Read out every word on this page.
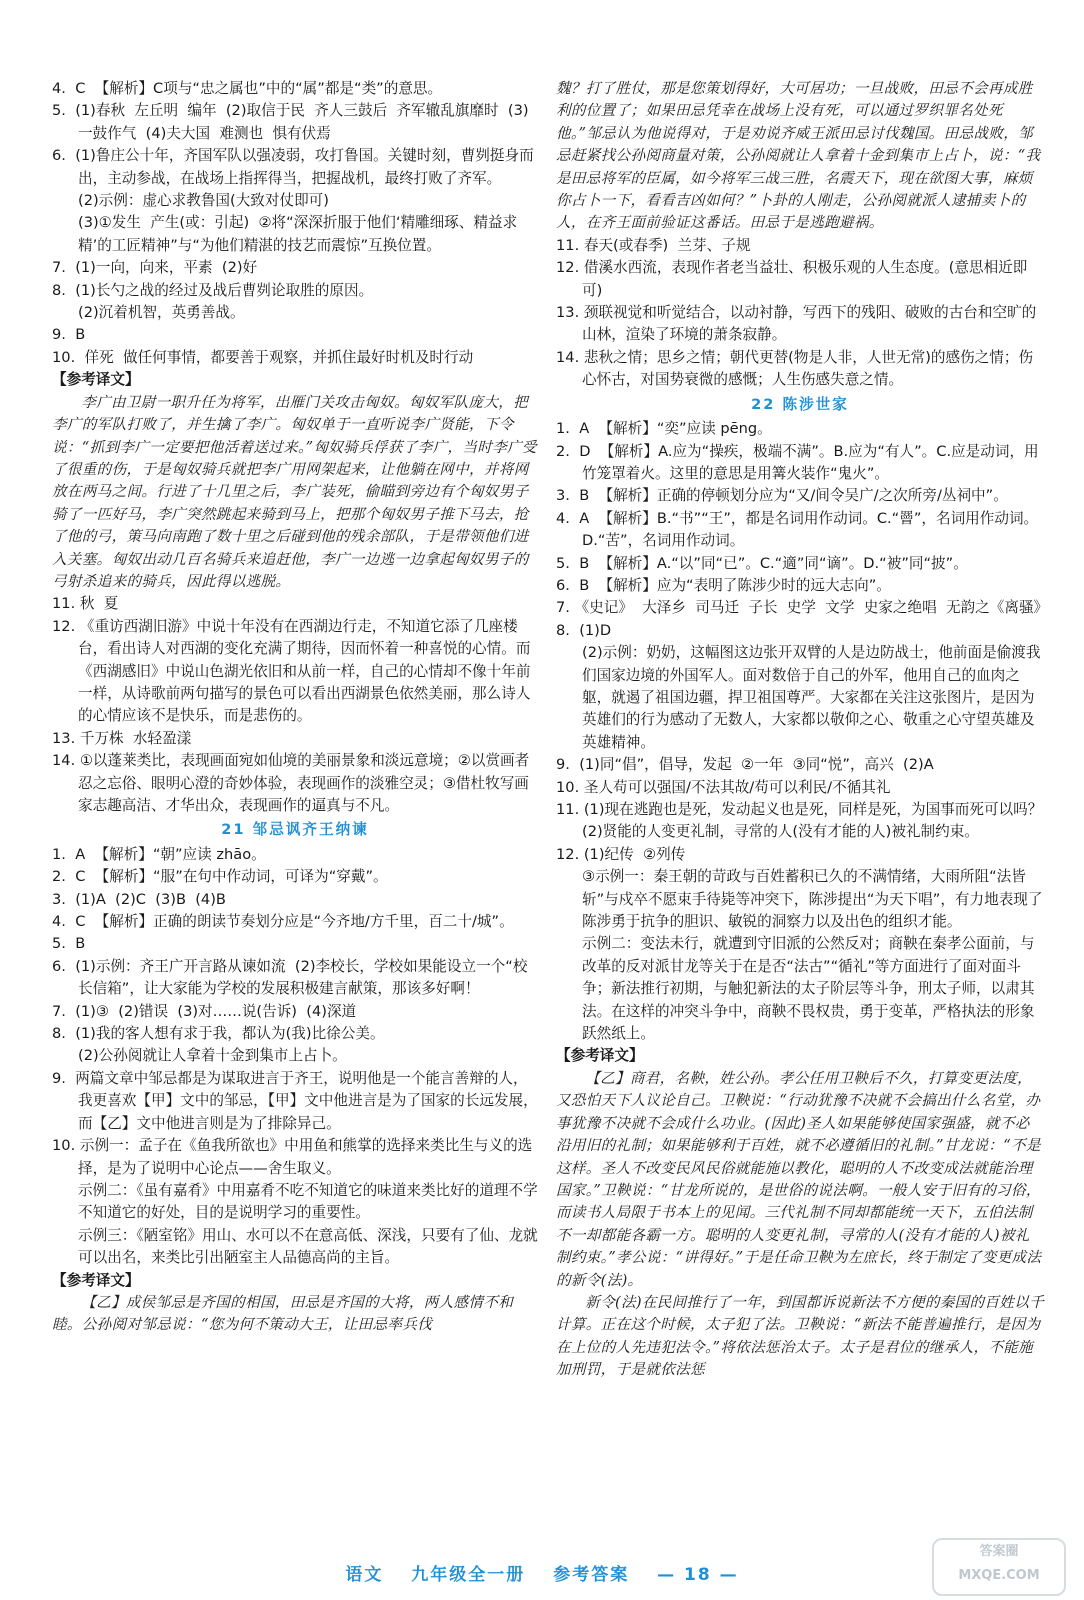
4.  C  【解析】C项与“忠之属也”中的“属”都是“类”的意思。

5.  (1)春秋  左丘明  编年  (2)取信于民  齐人三鼓后  齐军辙乱旗靡时  (3)一鼓作气  (4)夫大国  难测也  惧有伏焉

6.  (1)鲁庄公十年，齐国军队以强凌弱，攻打鲁国。关键时刻，曹刿挺身而出，主动参战，在战场上指挥得当，把握战机，最终打败了齐军。

(2)示例：虚心求教鲁国(大致对仗即可)

(3)①发生  产生(或：引起)  ②将“深深折服于他们‘精雕细琢、精益求精’的工匠精神”与“为他们精湛的技艺而震惊”互换位置。

7.  (1)一向，向来，平素  (2)好

8.  (1)长勺之战的经过及战后曹刿论取胜的原因。

(2)沉着机智，英勇善战。

9.  B

10.  佯死  做任何事情，都要善于观察，并抓住最好时机及时行动

【参考译文】

李广由卫尉一职升任为将军，出雁门关攻击匈奴。匈奴军队庞大，把李广的军队打败了，并生擒了李广。匈奴单于一直听说李广贤能，下令说：“抓到李广一定要把他活着送过来。”匈奴骑兵俘获了李广，当时李广受了很重的伤，于是匈奴骑兵就把李广用网架起来，让他躺在网中，并将网放在两马之间。行进了十几里之后，李广装死，偷瞄到旁边有个匈奴男子骑了一匹好马，李广突然跳起来骑到马上，把那个匈奴男子推下马去，抢了他的弓，策马向南跑了数十里之后碰到他的残余部队，于是带领他们进入关塞。匈奴出动几百名骑兵来追赶他，李广一边逃一边拿起匈奴男子的弓射杀追来的骑兵，因此得以逃脱。

11. 秋  夏

12. 《重访西湖旧游》中说十年没有在西湖边行走，不知道它添了几座楼台，看出诗人对西湖的变化充满了期待，因而怀着一种喜悦的心情。而《西湖感旧》中说山色湖光依旧和从前一样，自己的心情却不像十年前一样，从诗歌前两句描写的景色可以看出西湖景色依然美丽，那么诗人的心情应该不是快乐，而是悲伤的。

13. 千万株  水轻盈漾

14. ①以蓬莱类比，表现画面宛如仙境的美丽景象和淡远意境；②以赏画者忍之忘俗、眼明心澄的奇妙体验，表现画作的淡雅空灵；③借杜牧写画家志趣高洁、才华出众，表现画作的逼真与不凡。

21 邹忌讽齐王纳谏

1.  A  【解析】“朝”应读 zhāo。

2.  C  【解析】“服”在句中作动词，可译为“穿戴”。

3.  (1)A  (2)C  (3)B  (4)B

4.  C  【解析】正确的朗读节奏划分应是“今齐地/方千里，百二十/城”。

5.  B

6.  (1)示例：齐王广开言路从谏如流  (2)李校长，学校如果能设立一个“校长信箱”，让大家能为学校的发展积极建言献策，那该多好啊！

7.  (1)③  (2)错误  (3)对……说(告诉)  (4)深道

8.  (1)我的客人想有求于我，都认为(我)比徐公美。

(2)公孙阅就让人拿着十金到集市上占卜。

9.  两篇文章中邹忌都是为谋取进言于齐王，说明他是一个能言善辩的人，我更喜欢【甲】文中的邹忌，【甲】文中他进言是为了国家的长远发展，而【乙】文中他进言则是为了排除异己。

10. 示例一：孟子在《鱼我所欲也》中用鱼和熊掌的选择来类比生与义的选择，是为了说明中心论点——舍生取义。

示例二：《虽有嘉肴》中用嘉肴不吃不知道它的味道来类比好的道理不学不知道它的好处，目的是说明学习的重要性。

示例三：《陋室铭》用山、水可以不在意高低、深浅，只要有了仙、龙就可以出名，来类比引出陋室主人品德高尚的主旨。

【参考译文】

【乙】成侯邹忌是齐国的相国，田忌是齐国的大将，两人感情不和睦。公孙阅对邹忌说：“您为何不策动大王，让田忌率兵伐

魏？打了胜仗，那是您策划得好，大可居功；一旦战败，田忌不会再成胜利的位置了；如果田忌凭幸在战场上没有死，可以通过罗织罪名处死他。”邹忌认为他说得对，于是劝说齐威王派田忌讨伐魏国。田忌战败，邹忌赶紧找公孙阅商量对策，公孙阅就让人拿着十金到集市上占卜，说：“我是田忌将军的臣属，如今将军三战三胜，名震天下，现在欲图大事，麻烦你占卜一下，看看吉凶如何？”卜卦的人刚走，公孙阅就派人逮捕卖卜的人，在齐王面前验证这番话。田忌于是逃跑避祸。

11. 春天(或春季)  兰芽、子规

12. 借溪水西流，表现作者老当益壮、积极乐观的人生态度。(意思相近即可)

13. 颈联视觉和听觉结合，以动衬静，写西下的残阳、破败的古台和空旷的山林，渲染了环境的萧条寂静。

14. 悲秋之情；思乡之情；朝代更替(物是人非，人世无常)的感伤之情；伤心怀古，对国势衰微的感慨；人生伤感失意之情。

22 陈涉世家

1.  A  【解析】“奕”应读 pēng。

2.  D  【解析】A.应为“操疾，极端不满”。B.应为“有人”。C.应是动词，用竹笼罩着火。这里的意思是用篝火装作“鬼火”。

3.  B  【解析】正确的停顿划分应为“又/间令吴广/之次所旁/丛祠中”。

4.  A  【解析】B.“书”“王”，都是名词用作动词。C.“罾”，名词用作动词。D.“苦”，名词用作动词。

5.  B  【解析】A.“以”同“已”。C.“適”同“谪”。D.“被”同“披”。

6.  B  【解析】应为“表明了陈涉少时的远大志向”。

7. 《史记》  大泽乡  司马迁  子长  史学  文学  史家之绝唱  无韵之《离骚》

8.  (1)D

(2)示例：奶奶，这幅图这边张开双臂的人是边防战士，他前面是偷渡我们国家边境的外国军人。面对数倍于自己的外军，他用自己的血肉之躯，就遏了祖国边疆，捍卫祖国尊严。大家都在关注这张图片，是因为英雄们的行为感动了无数人，大家都以敬仰之心、敬重之心守望英雄及英雄精神。

9.  (1)同“倡”，倡导，发起  ②一年  ③同“悦”，高兴  (2)A

10. 圣人苟可以强国/不法其故/苟可以利民/不循其礼

11. (1)现在逃跑也是死，发动起义也是死，同样是死，为国事而死可以吗？

(2)贤能的人变更礼制，寻常的人(没有才能的人)被礼制约束。

12. (1)纪传  ②列传

③示例一：秦王朝的苛政与百姓蓄积已久的不满情绪，大雨所阻“法皆斩”与戍卒不愿束手待毙等冲突下，陈涉提出“为天下唱”，有力地表现了陈涉勇于抗争的胆识、敏锐的洞察力以及出色的组织才能。

示例二：变法未行，就遭到守旧派的公然反对；商鞅在秦孝公面前，与改革的反对派甘龙等关于在是否“法古”“循礼”等方面进行了面对面斗争；新法推行初期，与触犯新法的太子阶层等斗争，刑太子师，以肃其法。在这样的冲突斗争中，商鞅不畏权贵，勇于变革，严格执法的形象跃然纸上。

【参考译文】

【乙】商君，名鞅，姓公孙。孝公任用卫鞅后不久，打算变更法度，又恐怕天下人议论自己。卫鞅说：“行动犹豫不决就不会搞出什么名堂，办事犹豫不决就不会成什么功业。(因此)圣人如果能够使国家强盛，就不必沿用旧的礼制；如果能够利于百姓，就不必遵循旧的礼制。”甘龙说：“不是这样。圣人不改变民风民俗就能施以教化，聪明的人不改变成法就能治理国家。”卫鞅说：“甘龙所说的，是世俗的说法啊。一般人安于旧有的习俗，而读书人局限于书本上的见闻。三代礼制不同却都能统一天下，五伯法制不一却都能各霸一方。聪明的人变更礼制，寻常的人(没有才能的人)被礼制约束。”孝公说：“讲得好。”于是任命卫鞅为左庶长，终于制定了变更成法的新令(法)。

新令(法)在民间推行了一年，到国都诉说新法不方便的秦国的百姓以千计算。正在这个时候，太子犯了法。卫鞅说：“新法不能普遍推行，是因为在上位的人先违犯法令。”将依法惩治太子。太子是君位的继承人，不能施加刑罚，于是就依法惩

语文 九年级全一册 参考答案 — 18 —
答案圈
MXQE.COM
